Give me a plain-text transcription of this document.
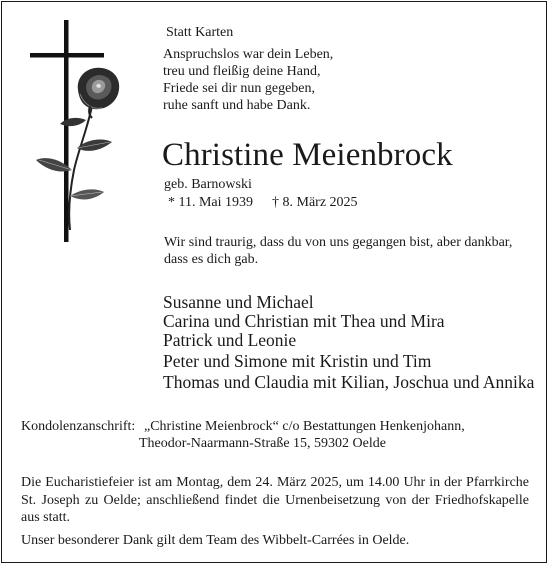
Statt Karten
Anspruchslos war dein Leben,
treu und fleißig deine Hand,
Friede sei dir nun gegeben,
ruhe sanft und habe Dank.
Christine Meienbrock
geb. Barnowski
* 11. Mai 1939 † 8. März 2025
Wir sind traurig, dass du von uns gegangen bist, aber dankbar,
dass es dich gab.
Susanne und Michael
Carina und Christian mit Thea und Mira
Patrick und Leonie
Peter und Simone mit Kristin und Tim
Thomas und Claudia mit Kilian, Joschua und Annika
Kondolenzanschrift: „Christine Meienbrock“ c/o Bestattungen Henkenjohann,
Theodor-Naarmann-Straße 15, 59302 Oelde
Die Eucharistiefeier ist am Montag, dem 24. März 2025, um 14.00 Uhr in der Pfarrkirche St. Joseph zu Oelde; anschließend findet die Urnenbeisetzung von der Friedhofskapelle aus statt.
Unser besonderer Dank gilt dem Team des Wibbelt-Carrées in Oelde.
